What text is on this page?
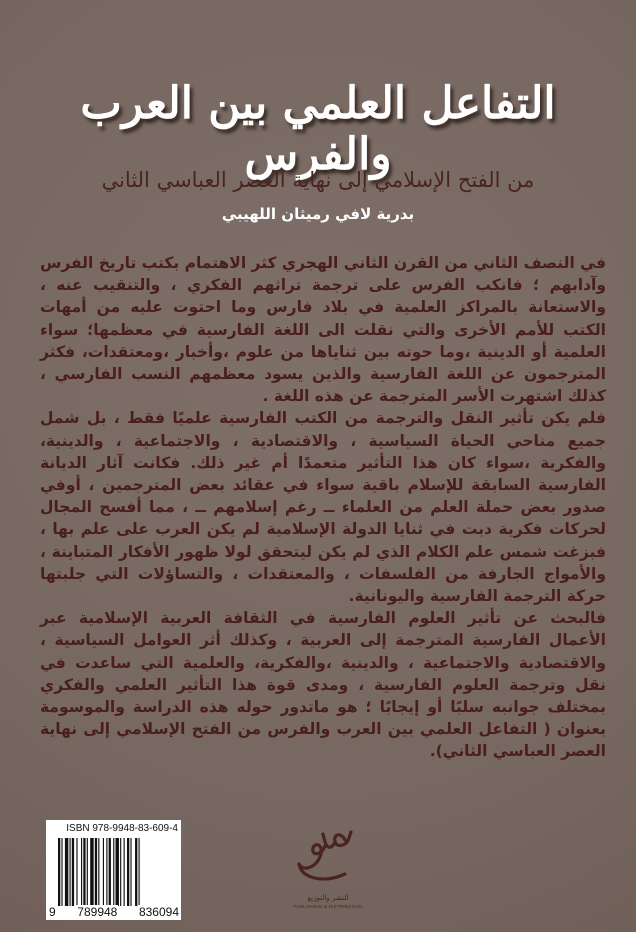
التفاعل العلمي بين العرب والفرس
من الفتح الإسلامي إلى نهاية العصر العباسي الثاني
بدرية لافي رميثان اللهيبي

في النصف الثاني من القرن الثاني الهجري كثر الاهتمام بكتب تاريخ الفرس وآدابهم ؛ فانكب الفرس على ترجمة تراثهم الفكري ، والتنقيب عنه ، والاستعانة بالمراكز العلمية في بلاد فارس وما احتوت عليه من أمهات الكتب للأمم الأخرى والتي نقلت الى اللغة الفارسية في معظمها؛ سواء العلمية أو الدينية ،وما حوته بين ثناياها من علوم ،وأخبار ،ومعتقدات، فكثر المترجمون عن اللغة الفارسية والذين يسود معظمهم النسب الفارسي ، كذلك اشتهرت الأسر المترجمة عن هذه اللغة .

فلم يكن تأثير النقل والترجمة من الكتب الفارسية علميًا فقط ، بل شمل جميع مناحي الحياة السياسية ، والاقتصادية ، والاجتماعية ، والدينية، والفكرية ،سواء كان هذا التأثير متعمدًا أم غير ذلك. فكانت آثار الديانة الفارسية السابقة للإسلام باقية سواء في عقائد بعض المترجمين ، أوفي صدور بعض حملة العلم من العلماء ــ رغم إسلامهم ــ ، مما أفسح المجال لحركات فكرية دبت في ثنايا الدولة الإسلامية لم يكن العرب على علم بها ، فبزغت شمس علم الكلام الذي لم يكن ليتحقق لولا ظهور الأفكار المتباينة ، والأمواج الجارفة من الفلسفات ، والمعتقدات ، والتساؤلات التي جلبتها حركة الترجمة الفارسية واليونانية.

فالبحث عن تأثير العلوم الفارسية في الثقافة العربية الإسلامية عبر الأعمال الفارسية المترجمة إلى العربية ، وكذلك أثر العوامل السياسية ، والاقتصادية والاجتماعية ، والدينية ،والفكرية، والعلمية التي ساعدت في نقل وترجمة العلوم الفارسية ، ومدى قوة هذا التأثير العلمي والفكري بمختلف جوانبه سلبًا أو إيجابًا ؛ هو ماتدور حوله هذه الدراسة والموسومة بعنوان ( التفاعل العلمي بين العرب والفرس من الفتح الإسلامي إلى نهاية العصر العباسي الثاني).

ISBN 978-9948-83-609-4
9 789948 836094
للنشر والتوزيع
PUBLISHING & DISTRIBUTION
